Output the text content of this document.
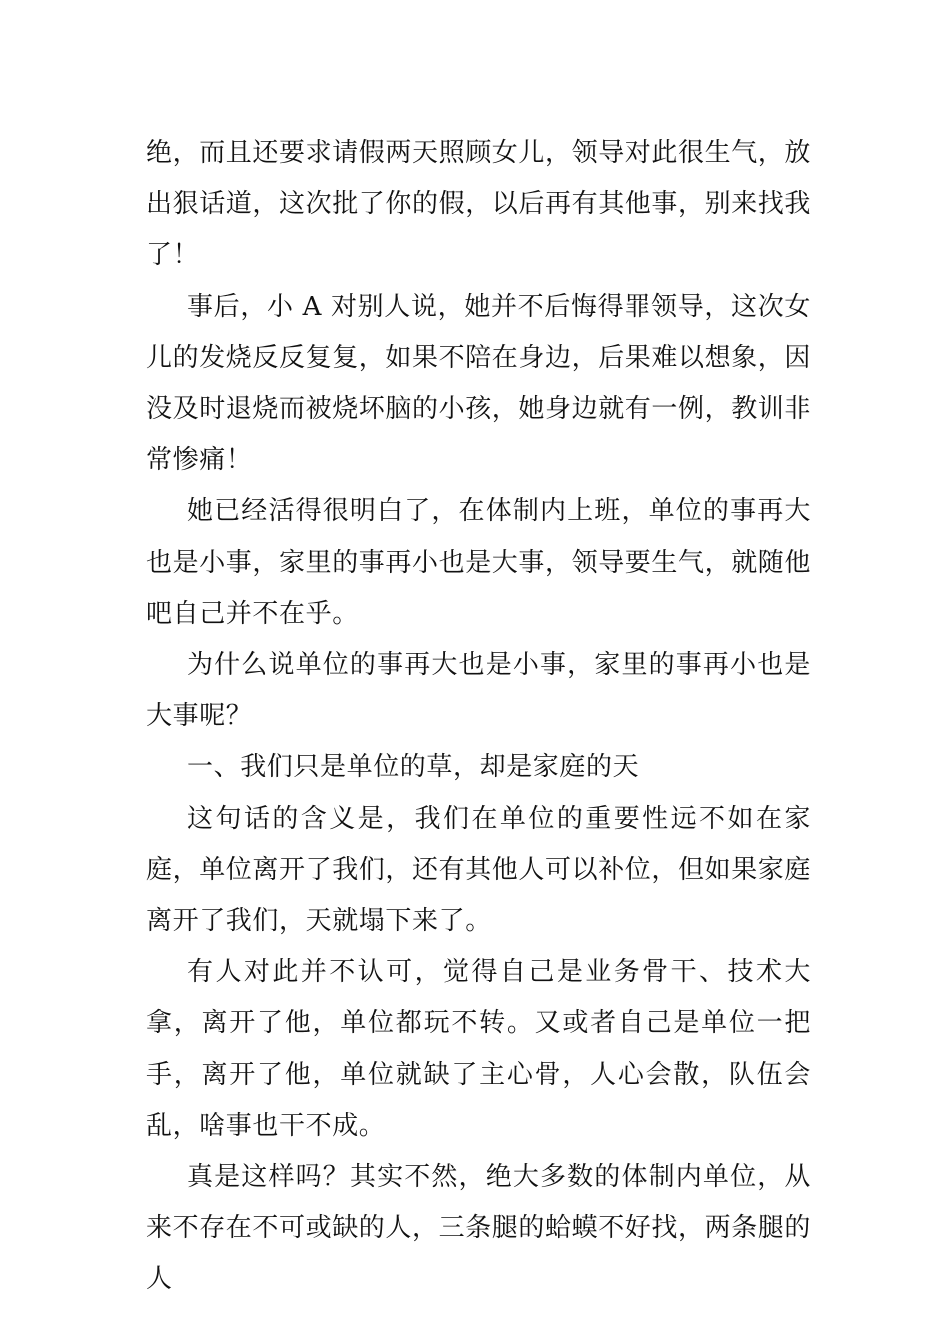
绝，而且还要求请假两天照顾女儿，领导对此很生气，放出狠话道，这次批了你的假，以后再有其他事，别来找我了！

事后，小 A 对别人说，她并不后悔得罪领导，这次女儿的发烧反反复复，如果不陪在身边，后果难以想象，因没及时退烧而被烧坏脑的小孩，她身边就有一例，教训非常惨痛！

她已经活得很明白了，在体制内上班，单位的事再大也是小事，家里的事再小也是大事，领导要生气，就随他吧自己并不在乎。

为什么说单位的事再大也是小事，家里的事再小也是大事呢？

一、我们只是单位的草，却是家庭的天

这句话的含义是，我们在单位的重要性远不如在家庭，单位离开了我们，还有其他人可以补位，但如果家庭离开了我们，天就塌下来了。

有人对此并不认可，觉得自己是业务骨干、技术大拿，离开了他，单位都玩不转。又或者自己是单位一把手，离开了他，单位就缺了主心骨，人心会散，队伍会乱，啥事也干不成。

真是这样吗？其实不然，绝大多数的体制内单位，从来不存在不可或缺的人，三条腿的蛤蟆不好找，两条腿的人
